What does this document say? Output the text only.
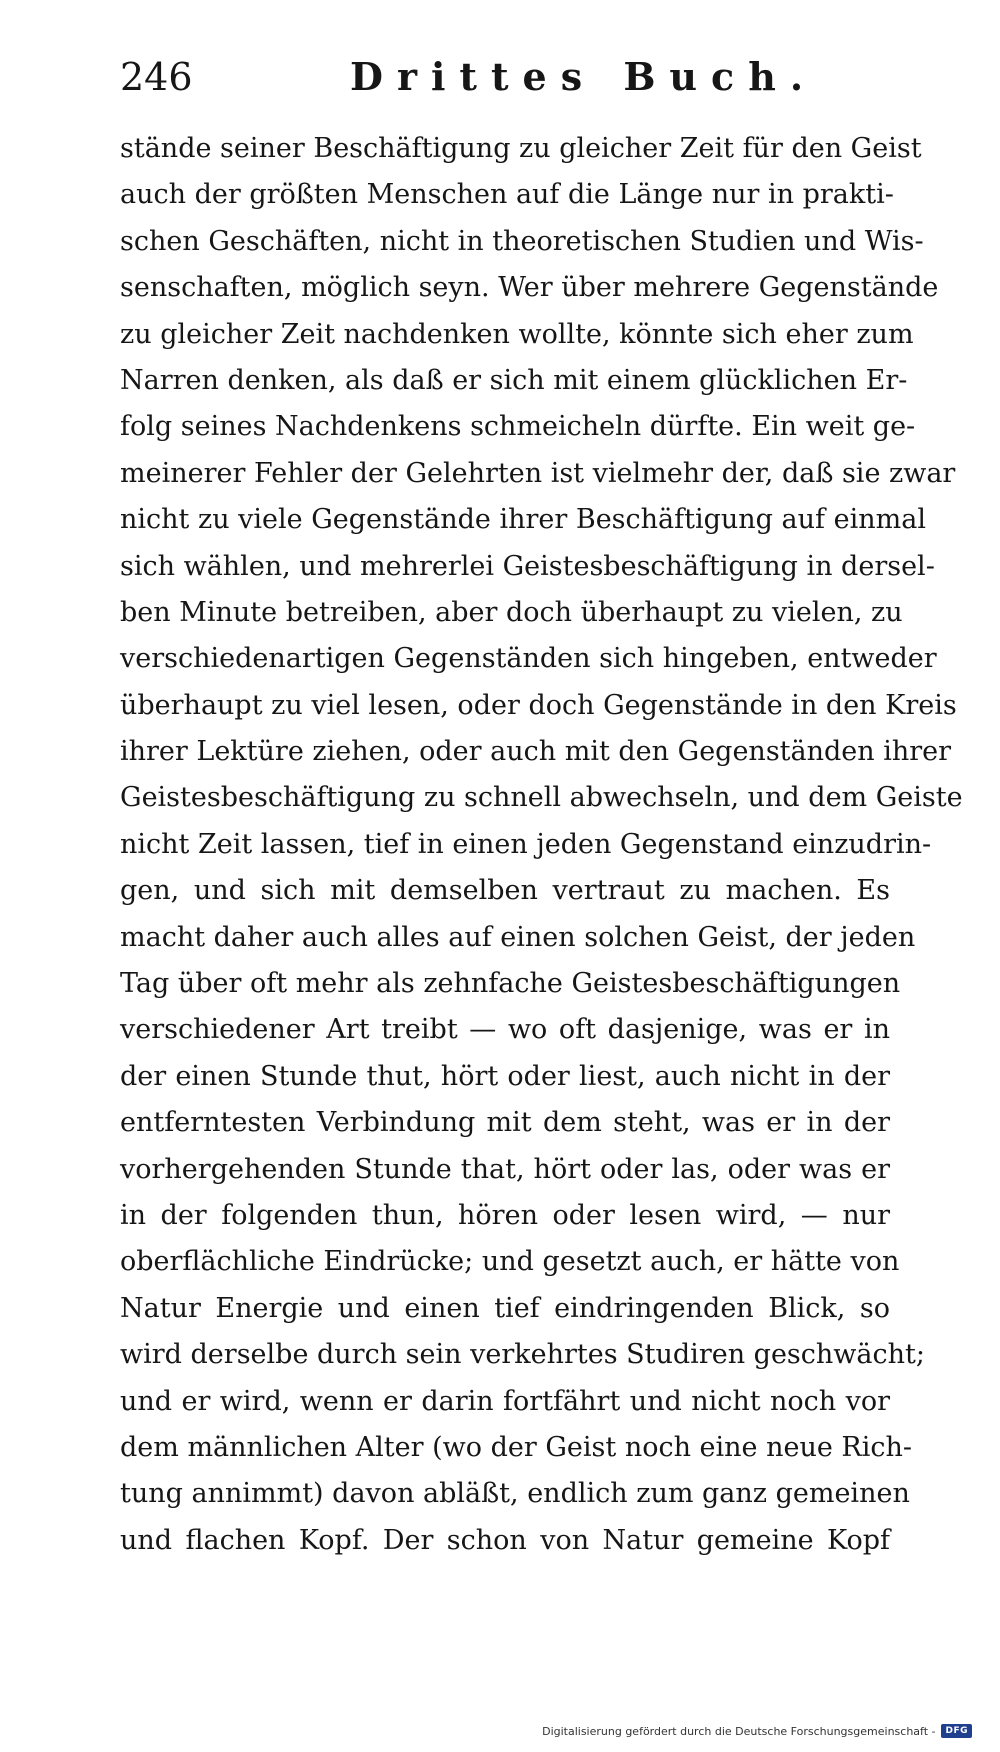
246	Drittes Buch.
stände seiner Beschäftigung zu gleicher Zeit für den Geist
auch der größten Menschen auf die Länge nur in prakti-
schen Geschäften, nicht in theoretischen Studien und Wis-
senschaften, möglich seyn. Wer über mehrere Gegenstände
zu gleicher Zeit nachdenken wollte, könnte sich eher zum
Narren denken, als daß er sich mit einem glücklichen Er-
folg seines Nachdenkens schmeicheln dürfte. Ein weit ge-
meinerer Fehler der Gelehrten ist vielmehr der, daß sie zwar
nicht zu viele Gegenstände ihrer Beschäftigung auf einmal
sich wählen, und mehrerlei Geistesbeschäftigung in dersel-
ben Minute betreiben, aber doch überhaupt zu vielen, zu
verschiedenartigen Gegenständen sich hingeben, entweder
überhaupt zu viel lesen, oder doch Gegenstände in den Kreis
ihrer Lektüre ziehen, oder auch mit den Gegenständen ihrer
Geistesbeschäftigung zu schnell abwechseln, und dem Geiste
nicht Zeit lassen, tief in einen jeden Gegenstand einzudrin-
gen, und sich mit demselben vertraut zu machen. Es
macht daher auch alles auf einen solchen Geist, der jeden
Tag über oft mehr als zehnfache Geistesbeschäftigungen
verschiedener Art treibt — wo oft dasjenige, was er in
der einen Stunde thut, hört oder liest, auch nicht in der
entferntesten Verbindung mit dem steht, was er in der
vorhergehenden Stunde that, hört oder las, oder was er
in der folgenden thun, hören oder lesen wird, — nur
oberflächliche Eindrücke; und gesetzt auch, er hätte von
Natur Energie und einen tief eindringenden Blick, so
wird derselbe durch sein verkehrtes Studiren geschwächt;
und er wird, wenn er darin fortfährt und nicht noch vor
dem männlichen Alter (wo der Geist noch eine neue Rich-
tung annimmt) davon abläßt, endlich zum ganz gemeinen
und flachen Kopf. Der schon von Natur gemeine Kopf
Digitalisierung gefördert durch die Deutsche Forschungsgemeinschaft -	DFG
